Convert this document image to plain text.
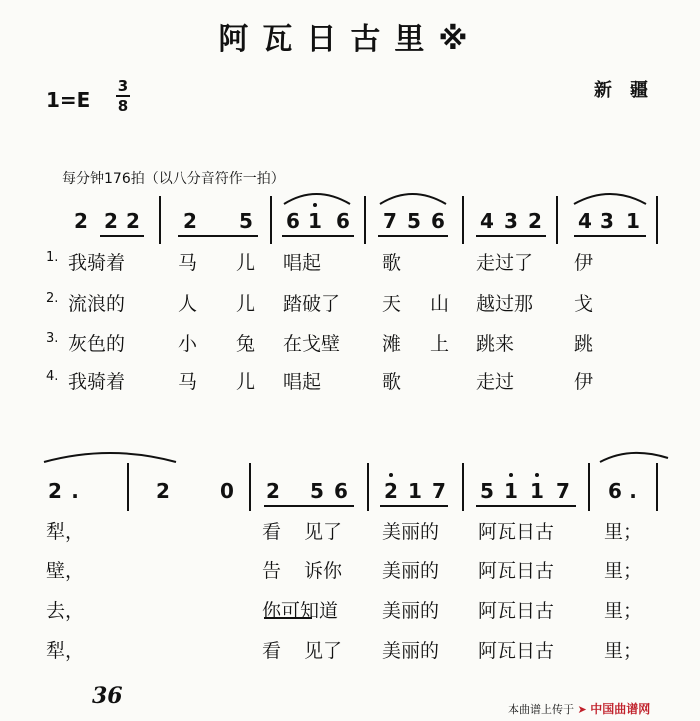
阿瓦日古里※
1=E
3
8
新疆
每分钟176拍（以八分音符作一拍）
2 2 2 2 5 6 1 6 7 5 6 4 3 2 4 3 1
2 .	2	0 2 5 6 2 1 7 5 1 1 7 6 .
1. 我骑着	马 儿 唱起	歌	走过了 伊
2. 流浪的	人 儿 踏破了 天 山 越过那 戈
3. 灰色的	小 兔 在戈壁 滩 上 跳来	跳
4. 我骑着	马 儿 唱起	歌	走过	伊
犁，	看 见了 美丽的 阿瓦日古	里；
壁，	告 诉你 美丽的 阿瓦日古	里；
去，	你可知道 美丽的 阿瓦日古	里；
犁，	看 见了 美丽的 阿瓦日古	里；
36
本曲谱上传于 ➤ 中国曲谱网
